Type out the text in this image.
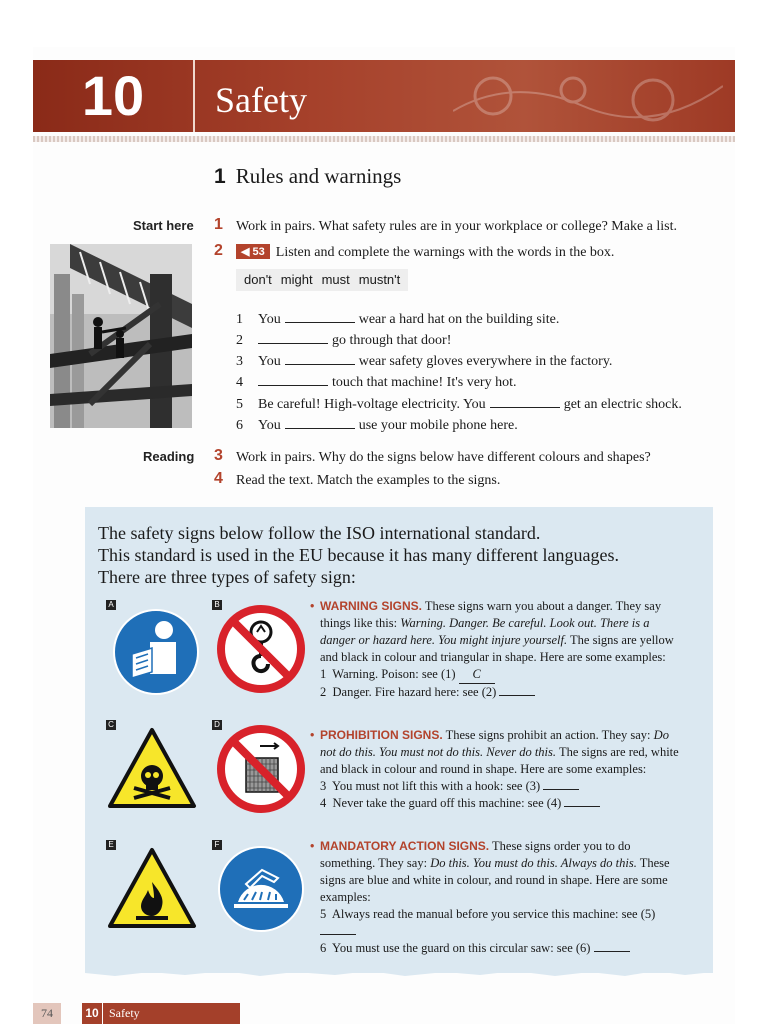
10	Safety
1 Rules and warnings
Start here 1 Work in pairs. What safety rules are in your workplace or college? Make a list.
2	◀ 53 Listen and complete the warnings with the words in the box.
don't might must mustn't
1 You	wear a hard hat on the building site.
2	go through that door!
3 You	wear safety gloves everywhere in the factory.
4	touch that machine! It's very hot.
5 Be careful! High-voltage electricity. You	get an electric shock.
6 You	use your mobile phone here.
Reading 3 Work in pairs. Why do the signs below have different colours and shapes?
4 Read the text. Match the examples to the signs.
The safety signs below follow the ISO international standard.
This standard is used in the EU because it has many different languages.
There are three types of safety sign:
A	B
C	D
E	F
• WARNING SIGNS. These signs warn you about a danger. They say things like this: Warning. Danger. Be careful. Look out. There is a danger or hazard here. You might injure yourself. The signs are yellow and black in colour and triangular in shape. Here are some examples:
1 Warning. Poison: see (1) C
2 Danger. Fire hazard here: see (2)
• PROHIBITION SIGNS. These signs prohibit an action. They say: Do not do this. You must not do this. Never do this. The signs are red, white and black in colour and round in shape. Here are some examples:
3 You must not lift this with a hook: see (3)
4 Never take the guard off this machine: see (4)
• MANDATORY ACTION SIGNS. These signs order you to do something. They say: Do this. You must do this. Always do this. These signs are blue and white in colour, and round in shape. Here are some examples:
5 Always read the manual before you service this machine: see (5)
6 You must use the guard on this circular saw: see (6)
74	10 Safety
